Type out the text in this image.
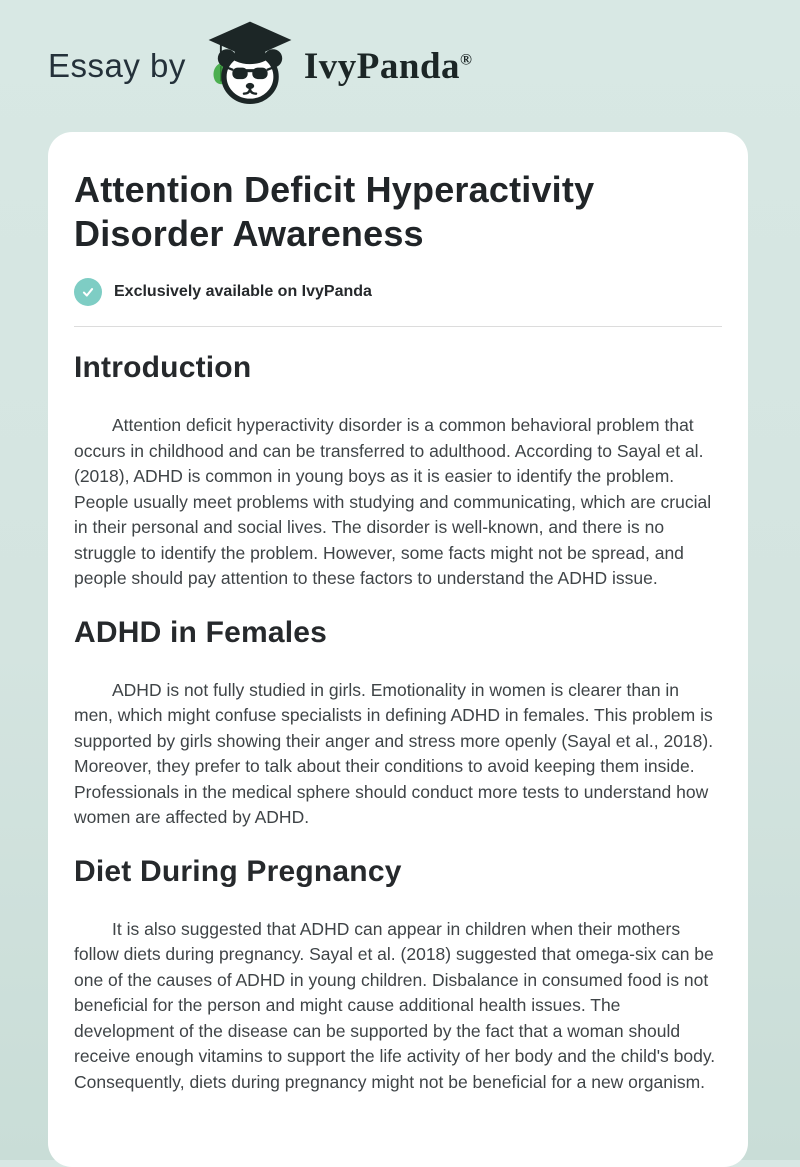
Essay by	IvyPanda®
Attention Deficit Hyperactivity Disorder Awareness
Exclusively available on IvyPanda
Introduction

Attention deficit hyperactivity disorder is a common behavioral problem that occurs in childhood and can be transferred to adulthood. According to Sayal et al. (2018), ADHD is common in young boys as it is easier to identify the problem. People usually meet problems with studying and communicating, which are crucial in their personal and social lives. The disorder is well-known, and there is no struggle to identify the problem. However, some facts might not be spread, and people should pay attention to these factors to understand the ADHD issue.

ADHD in Females

ADHD is not fully studied in girls. Emotionality in women is clearer than in men, which might confuse specialists in defining ADHD in females. This problem is supported by girls showing their anger and stress more openly (Sayal et al., 2018). Moreover, they prefer to talk about their conditions to avoid keeping them inside. Professionals in the medical sphere should conduct more tests to understand how women are affected by ADHD.

Diet During Pregnancy

It is also suggested that ADHD can appear in children when their mothers follow diets during pregnancy. Sayal et al. (2018) suggested that omega-six can be one of the causes of ADHD in young children. Disbalance in consumed food is not beneficial for the person and might cause additional health issues. The development of the disease can be supported by the fact that a woman should receive enough vitamins to support the life activity of her body and the child's body. Consequently, diets during pregnancy might not be beneficial for a new organism.
